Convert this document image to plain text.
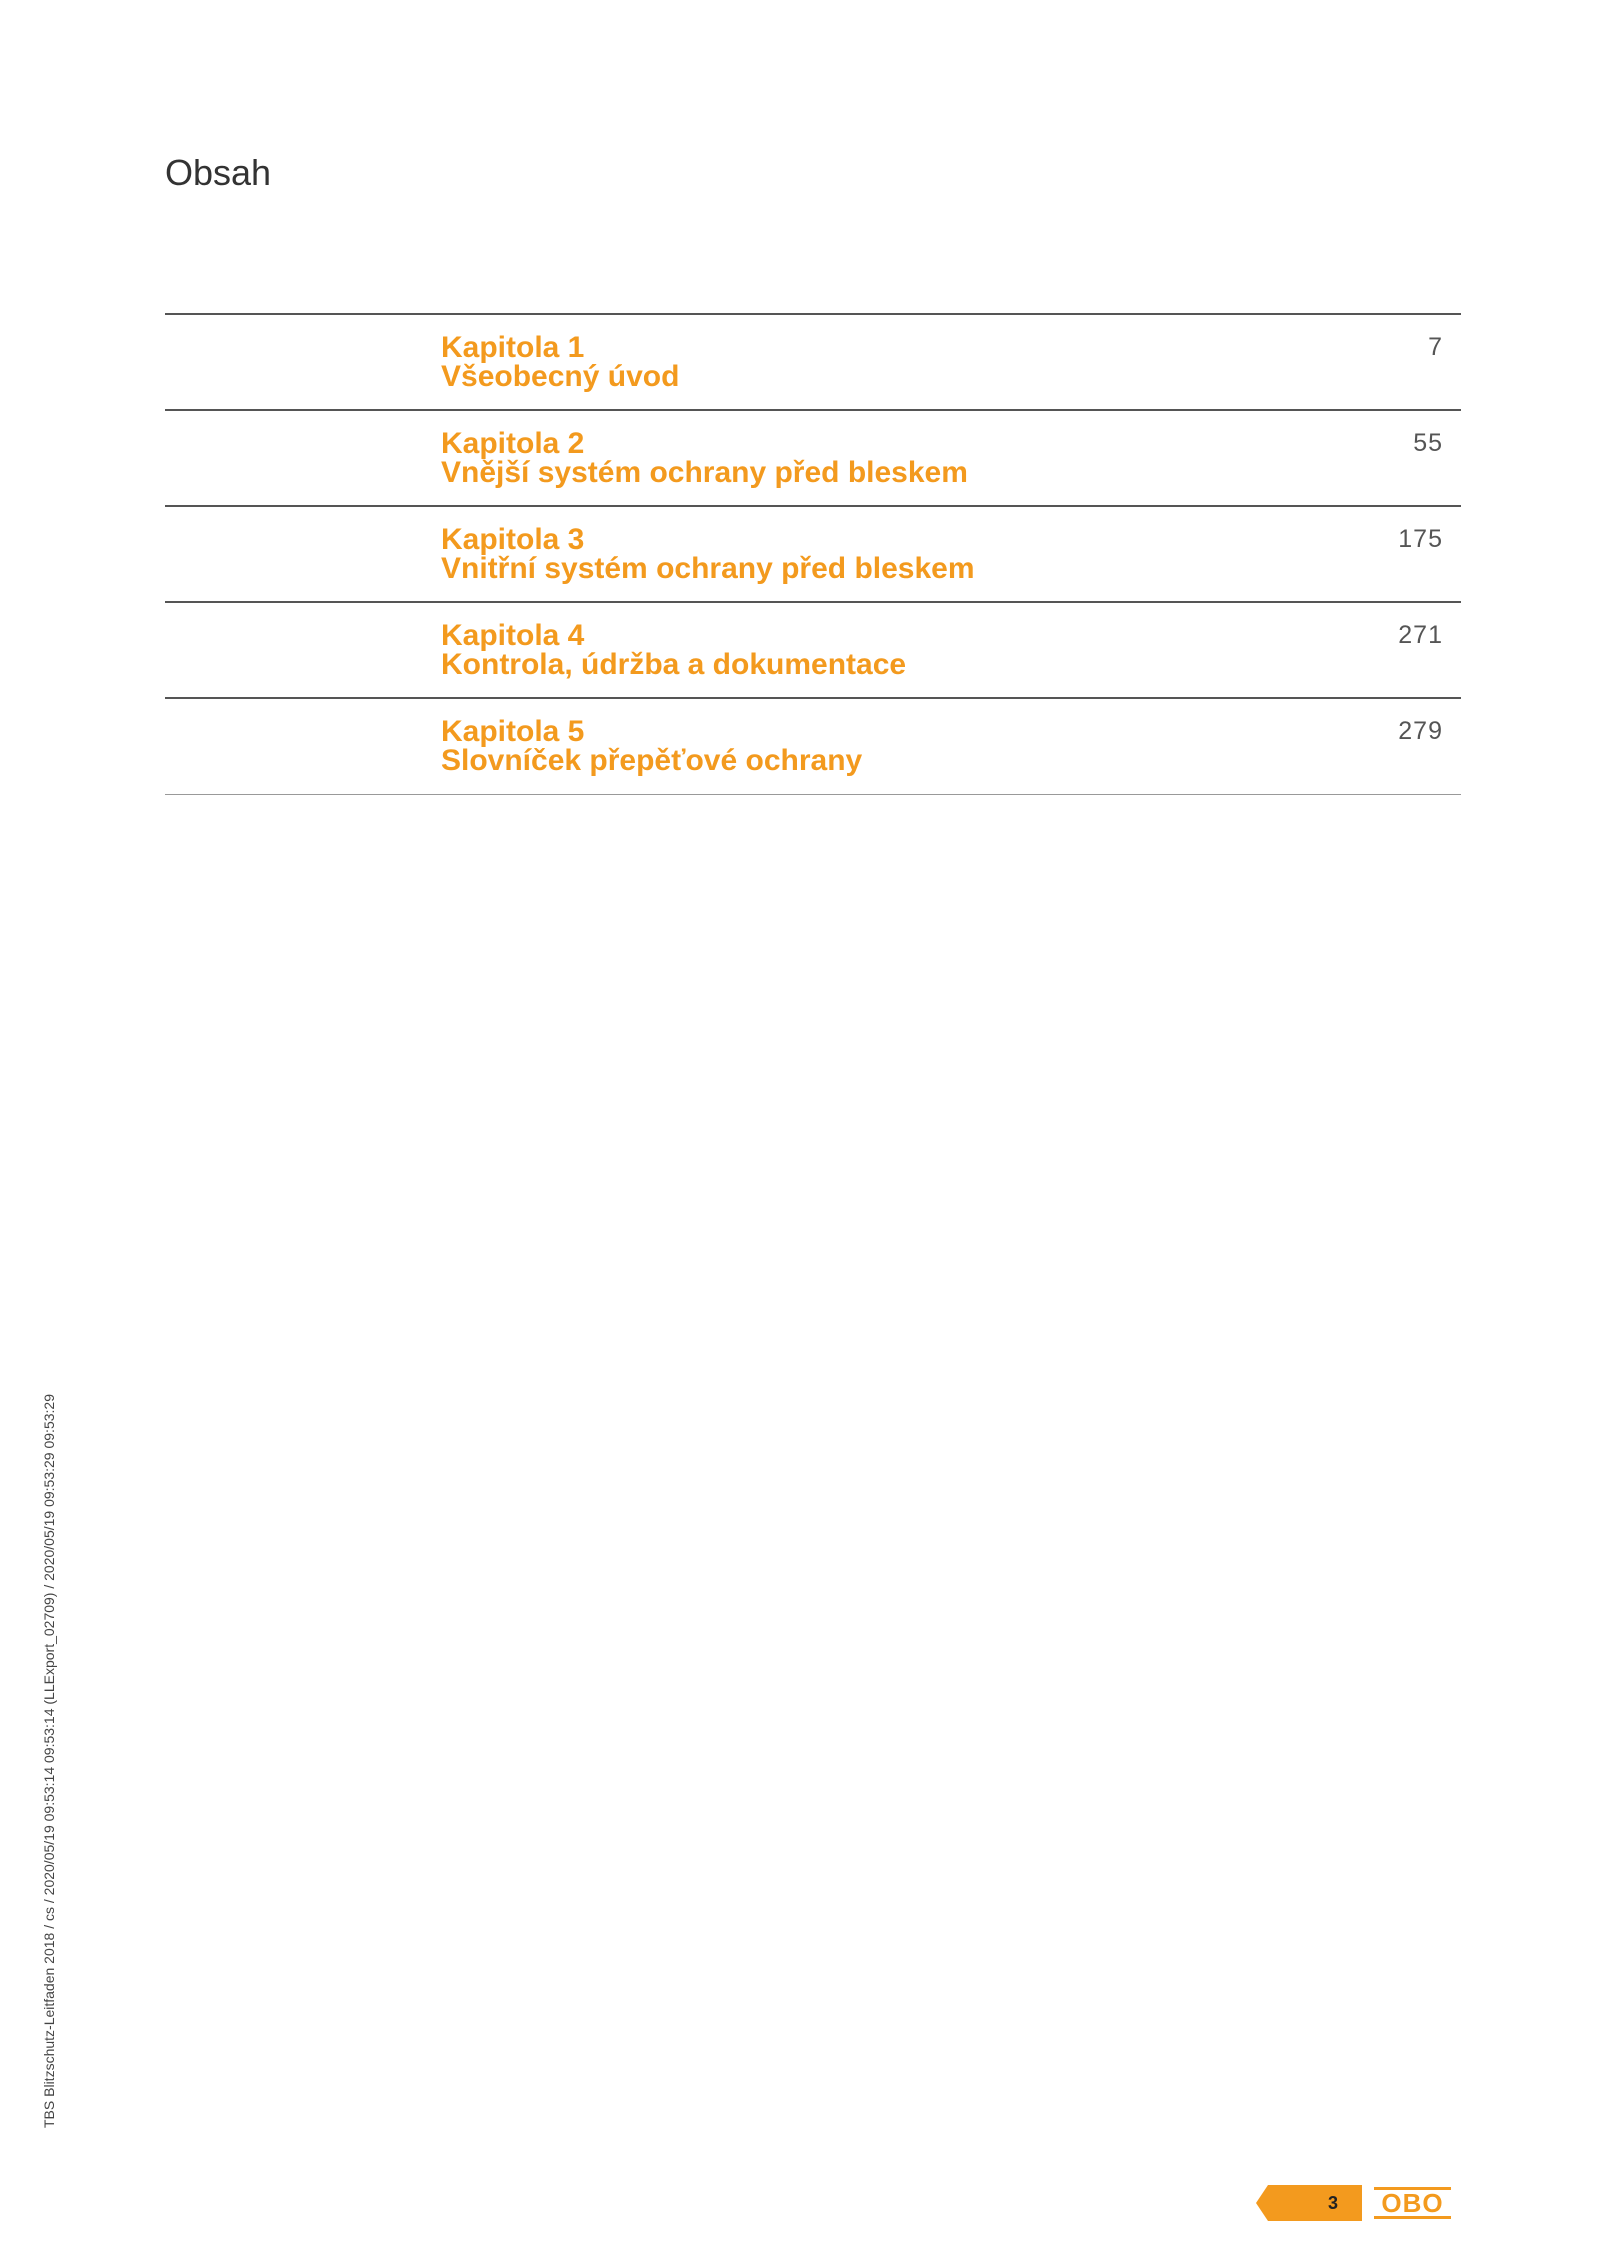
Obsah
Kapitola 1
Všeobecný úvod
7
Kapitola 2
Vnější systém ochrany před bleskem
55
Kapitola 3
Vnitřní systém ochrany před bleskem
175
Kapitola 4
Kontrola, údržba a dokumentace
271
Kapitola 5
Slovníček přepěťové ochrany
279
TBS Blitzschutz-Leitfaden 2018 / cs / 2020/05/19 09:53:14 09:53:14 (LLExport_02709) / 2020/05/19 09:53:29 09:53:29
3 OBO
